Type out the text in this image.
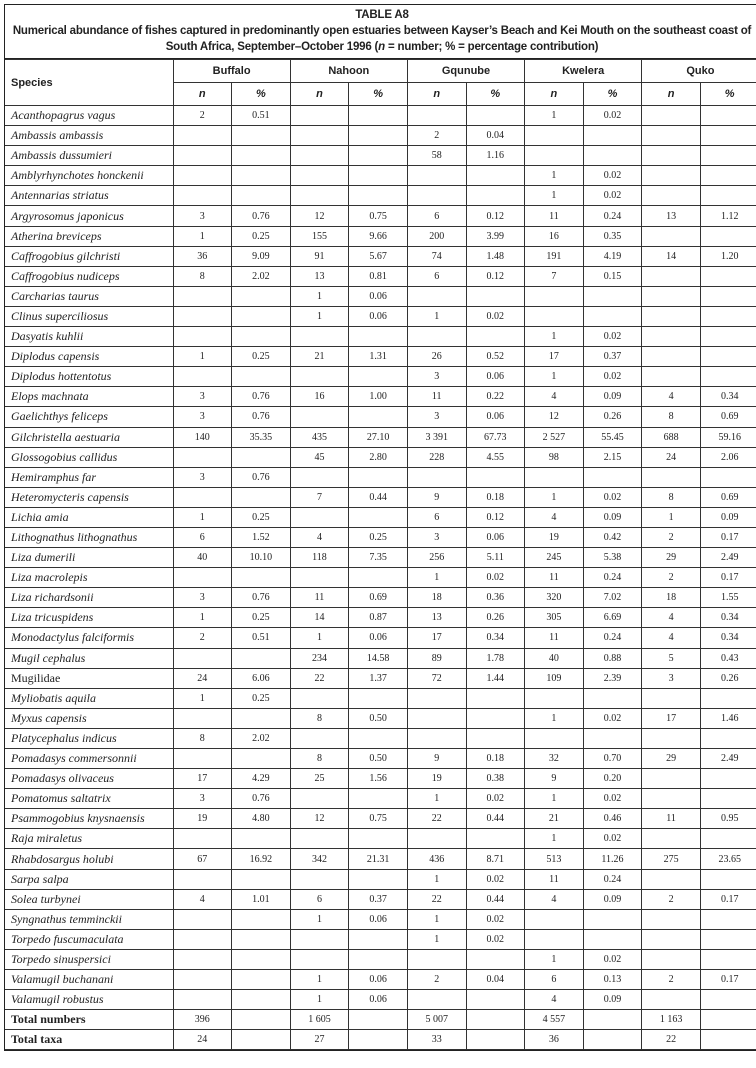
TABLE A8
Numerical abundance of fishes captured in predominantly open estuaries between Kayser’s Beach and Kei Mouth on the southeast coast of South Africa, September–October 1996 (n = number; % = percentage contribution)
Species	Buffalo		Nahoon		Gqunube		Kwelera		Quko	
	n	%	n	%	n	%	n	%	n	%
Acanthopagrus vagus	2	0.51					1	0.02		
Ambassis ambassis					2	0.04				
Ambassis dussumieri					58	1.16				
Amblyrhynchotes honckenii							1	0.02		
Antennarias striatus							1	0.02		
Argyrosomus japonicus	3	0.76	12	0.75	6	0.12	11	0.24	13	1.12
Atherina breviceps	1	0.25	155	9.66	200	3.99	16	0.35		
Caffrogobius gilchristi	36	9.09	91	5.67	74	1.48	191	4.19	14	1.20
Caffrogobius nudiceps	8	2.02	13	0.81	6	0.12	7	0.15		
Carcharias taurus			1	0.06						
Clinus superciliosus			1	0.06	1	0.02				
Dasyatis kuhlii							1	0.02		
Diplodus capensis	1	0.25	21	1.31	26	0.52	17	0.37		
Diplodus hottentotus					3	0.06	1	0.02		
Elops machnata	3	0.76	16	1.00	11	0.22	4	0.09	4	0.34
Gaelichthys feliceps	3	0.76			3	0.06	12	0.26	8	0.69
Gilchristella aestuaria	140	35.35	435	27.10	3 391	67.73	2 527	55.45	688	59.16
Glossogobius callidus			45	2.80	228	4.55	98	2.15	24	2.06
Hemiramphus far	3	0.76								
Heteromycteris capensis			7	0.44	9	0.18	1	0.02	8	0.69
Lichia amia	1	0.25			6	0.12	4	0.09	1	0.09
Lithognathus lithognathus	6	1.52	4	0.25	3	0.06	19	0.42	2	0.17
Liza dumerili	40	10.10	118	7.35	256	5.11	245	5.38	29	2.49
Liza macrolepis					1	0.02	11	0.24	2	0.17
Liza richardsonii	3	0.76	11	0.69	18	0.36	320	7.02	18	1.55
Liza tricuspidens	1	0.25	14	0.87	13	0.26	305	6.69	4	0.34
Monodactylus falciformis	2	0.51	1	0.06	17	0.34	11	0.24	4	0.34
Mugil cephalus			234	14.58	89	1.78	40	0.88	5	0.43
Mugilidae	24	6.06	22	1.37	72	1.44	109	2.39	3	0.26
Myliobatis aquila	1	0.25								
Myxus capensis			8	0.50			1	0.02	17	1.46
Platycephalus indicus	8	2.02								
Pomadasys commersonnii			8	0.50	9	0.18	32	0.70	29	2.49
Pomadasys olivaceus	17	4.29	25	1.56	19	0.38	9	0.20		
Pomatomus saltatrix	3	0.76			1	0.02	1	0.02		
Psammogobius knysnaensis	19	4.80	12	0.75	22	0.44	21	0.46	11	0.95
Raja miraletus							1	0.02		
Rhabdosargus holubi	67	16.92	342	21.31	436	8.71	513	11.26	275	23.65
Sarpa salpa					1	0.02	11	0.24		
Solea turbynei	4	1.01	6	0.37	22	0.44	4	0.09	2	0.17
Syngnathus temminckii			1	0.06	1	0.02				
Torpedo fuscumaculata					1	0.02				
Torpedo sinuspersici							1	0.02		
Valamugil buchanani			1	0.06	2	0.04	6	0.13	2	0.17
Valamugil robustus			1	0.06			4	0.09		
Total numbers	396		1 605		5 007		4 557		1 163	
Total taxa	24		27		33		36		22	
